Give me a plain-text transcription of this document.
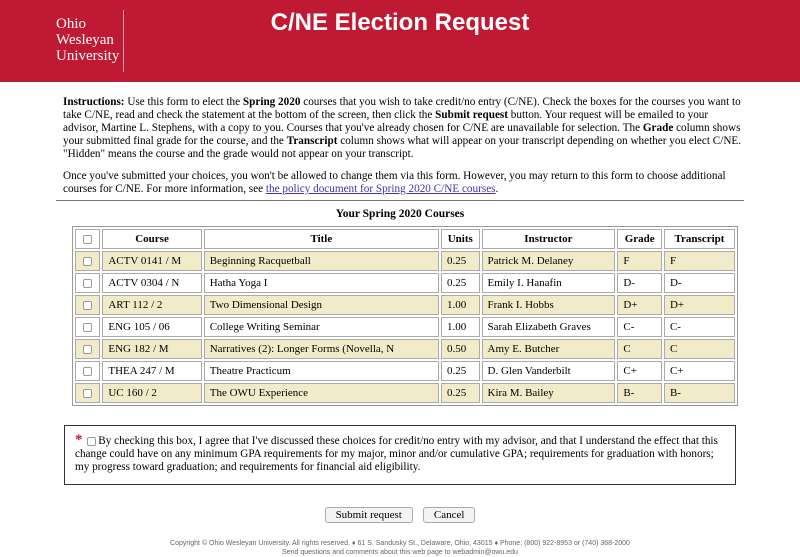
Ohio
Wesleyan
University
C/NE Election Request

Instructions: Use this form to elect the Spring 2020 courses that you wish to take credit/no entry (C/NE). Check the boxes for the courses you want to take C/NE, read and check the statement at the bottom of the screen, then click the Submit request button. Your request will be emailed to your advisor, Martine L. Stephens, with a copy to you. Courses that you've already chosen for C/NE are unavailable for selection. The Grade column shows your submitted final grade for the course, and the Transcript column shows what will appear on your transcript depending on whether you elect C/NE. "Hidden" means the course and the grade would not appear on your transcript.

Once you've submitted your choices, you won't be allowed to change them via this form. However, you may return to this form to choose additional courses for C/NE. For more information, see the policy document for Spring 2020 C/NE courses.

Your Spring 2020 Courses
	Course	Title	Units	Instructor	Grade	Transcript
	ACTV 0141 / M	Beginning Racquetball	0.25	Patrick M. Delaney	F	F
	ACTV 0304 / N	Hatha Yoga I	0.25	Emily I. Hanafin	D-	D-
	ART 112 / 2	Two Dimensional Design	1.00	Frank I. Hobbs	D+	D+
	ENG 105 / 06	College Writing Seminar	1.00	Sarah Elizabeth Graves	C-	C-
	ENG 182 / M	Narratives (2): Longer Forms (Novella, N	0.50	Amy E. Butcher	C	C
	THEA 247 / M	Theatre Practicum	0.25	D. Glen Vanderbilt	C+	C+
	UC 160 / 2	The OWU Experience	0.25	Kira M. Bailey	B-	B-
* By checking this box, I agree that I've discussed these choices for credit/no entry with my advisor, and that I understand the effect that this change could have on any minimum GPA requirements for my major, minor and/or cumulative GPA; requirements for graduation with honors; my progress toward graduation; and requirements for financial aid eligibility.
Submit request	Cancel
Copyright © Ohio Wesleyan University. All rights reserved. ♦ 61 S. Sandusky St., Delaware, Ohio, 43015 ♦ Phone: (800) 922-8953 or (740) 368-2000
Send questions and comments about this web page to webadmin@owu.edu
